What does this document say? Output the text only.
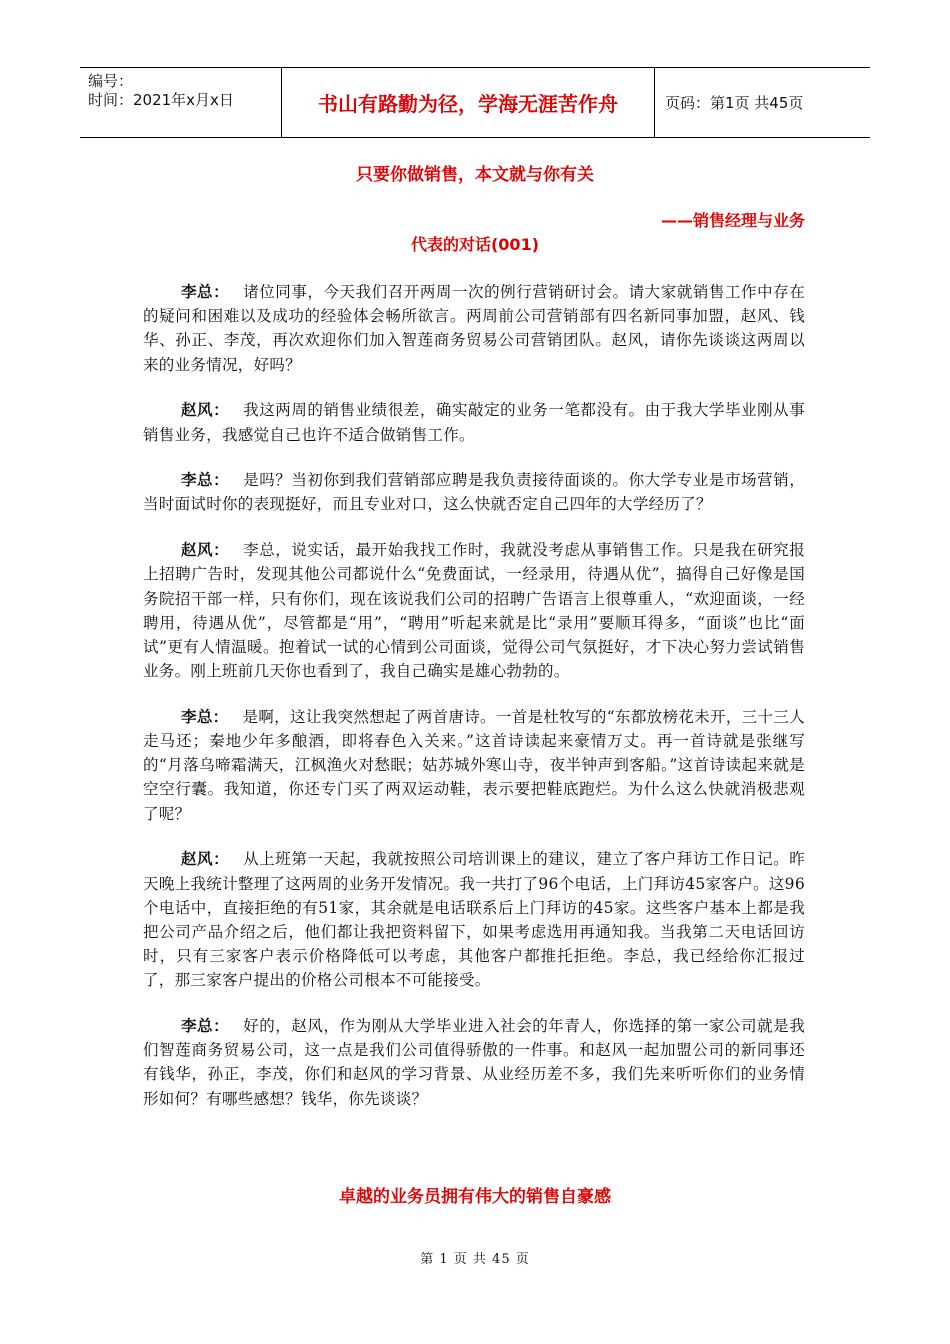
编号：
时间：2021年x月x日	书山有路勤为径，学海无涯苦作舟	页码：第1页 共45页
只要你做销售，本文就与你有关
——销售经理与业务
代表的对话(001)

李总： 诸位同事，今天我们召开两周一次的例行营销研讨会。请大家就销售工作中存在的疑问和困难以及成功的经验体会畅所欲言。两周前公司营销部有四名新同事加盟，赵风、钱华、孙正、李茂，再次欢迎你们加入智莲商务贸易公司营销团队。赵风，请你先谈谈这两周以来的业务情况，好吗？

赵风： 我这两周的销售业绩很差，确实敲定的业务一笔都没有。由于我大学毕业刚从事销售业务，我感觉自己也许不适合做销售工作。

李总： 是吗？当初你到我们营销部应聘是我负责接待面谈的。你大学专业是市场营销，当时面试时你的表现挺好，而且专业对口，这么快就否定自己四年的大学经历了？

赵风： 李总，说实话，最开始我找工作时，我就没考虑从事销售工作。只是我在研究报上招聘广告时，发现其他公司都说什么“免费面试，一经录用，待遇从优”，搞得自己好像是国务院招干部一样，只有你们，现在该说我们公司的招聘广告语言上很尊重人，“欢迎面谈，一经聘用，待遇从优”，尽管都是“用”，“聘用”听起来就是比“录用”要顺耳得多，“面谈”也比“面试”更有人情温暖。抱着试一试的心情到公司面谈，觉得公司气氛挺好，才下决心努力尝试销售业务。刚上班前几天你也看到了，我自己确实是雄心勃勃的。

李总： 是啊，这让我突然想起了两首唐诗。一首是杜牧写的“东都放榜花未开，三十三人走马还；秦地少年多酿酒，即将春色入关来。”这首诗读起来豪情万丈。再一首诗就是张继写的“月落乌啼霜满天，江枫渔火对愁眠；姑苏城外寒山寺，夜半钟声到客船。”这首诗读起来就是空空行囊。我知道，你还专门买了两双运动鞋，表示要把鞋底跑烂。为什么这么快就消极悲观了呢？

赵风： 从上班第一天起，我就按照公司培训课上的建议，建立了客户拜访工作日记。昨天晚上我统计整理了这两周的业务开发情况。我一共打了96个电话，上门拜访45家客户。这96个电话中，直接拒绝的有51家，其余就是电话联系后上门拜访的45家。这些客户基本上都是我把公司产品介绍之后，他们都让我把资料留下，如果考虑选用再通知我。当我第二天电话回访时，只有三家客户表示价格降低可以考虑，其他客户都推托拒绝。李总，我已经给你汇报过了，那三家客户提出的价格公司根本不可能接受。

李总： 好的，赵风，作为刚从大学毕业进入社会的年青人，你选择的第一家公司就是我们智莲商务贸易公司，这一点是我们公司值得骄傲的一件事。和赵风一起加盟公司的新同事还有钱华，孙正，李茂，你们和赵风的学习背景、从业经历差不多，我们先来听听你们的业务情形如何？有哪些感想？钱华，你先谈谈？

卓越的业务员拥有伟大的销售自豪感
第 1 页 共 45 页
